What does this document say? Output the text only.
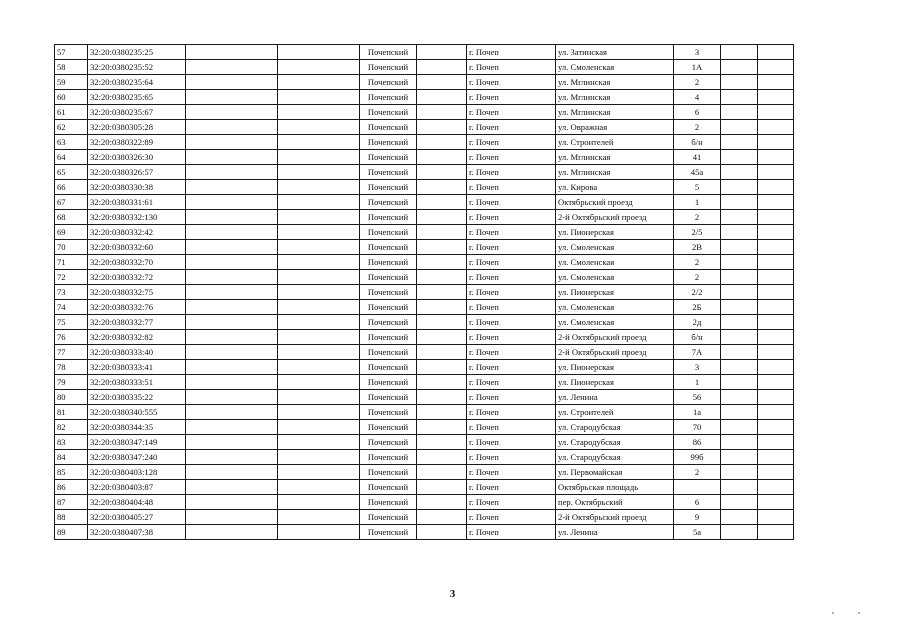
57	32:20:0380235:25			Почепский		г. Почеп	ул. Затинская	3		
58	32:20:0380235:52			Почепский		г. Почеп	ул. Смоленская	1А		
59	32:20:0380235:64			Почепский		г. Почеп	ул. Мглинская	2		
60	32:20:0380235:65			Почепский		г. Почеп	ул. Мглинская	4		
61	32:20:0380235:67			Почепский		г. Почеп	ул. Мглинская	6		
62	32:20:0380305:28			Почепский		г. Почеп	ул. Овражная	2		
63	32:20:0380322:89			Почепский		г. Почеп	ул. Строителей	б/н		
64	32:20:0380326:30			Почепский		г. Почеп	ул. Мглинская	41		
65	32:20:0380326:57			Почепский		г. Почеп	ул. Мглинская	45а		
66	32:20:0380330:38			Почепский		г. Почеп	ул. Кирова	5		
67	32:20:0380331:61			Почепский		г. Почеп	Октябрьский проезд	1		
68	32:20:0380332:130			Почепский		г. Почеп	2-й Октябрьский проезд	2		
69	32:20:0380332:42			Почепский		г. Почеп	ул. Пионерская	2/5		
70	32:20:0380332:60			Почепский		г. Почеп	ул. Смоленская	2В		
71	32:20:0380332:70			Почепский		г. Почеп	ул. Смоленская	2		
72	32:20:0380332:72			Почепский		г. Почеп	ул. Смоленская	2		
73	32:20:0380332:75			Почепский		г. Почеп	ул. Пионерская	2/2		
74	32:20:0380332:76			Почепский		г. Почеп	ул. Смоленская	2Б		
75	32:20:0380332:77			Почепский		г. Почеп	ул. Смоленская	2д		
76	32:20:0380332:82			Почепский		г. Почеп	2-й Октябрьский проезд	б/н		
77	32:20:0380333:40			Почепский		г. Почеп	2-й Октябрьский проезд	7А		
78	32:20:0380333:41			Почепский		г. Почеп	ул. Пионерская	3		
79	32:20:0380333:51			Почепский		г. Почеп	ул. Пионерская	1		
80	32:20:0380335:22			Почепский		г. Почеп	ул. Ленина	56		
81	32:20:0380340:555			Почепский		г. Почеп	ул. Строителей	1а		
82	32:20:0380344:35			Почепский		г. Почеп	ул. Стародубская	70		
83	32:20:0380347:149			Почепский		г. Почеп	ул. Стародубская	86		
84	32:20:0380347:240			Почепский		г. Почеп	ул. Стародубская	99б		
85	32:20:0380403:128			Почепский		г. Почеп	ул. Первомайская	2		
86	32:20:0380403:87			Почепский		г. Почеп	Октябрьская площадь			
87	32:20:0380404:48			Почепский		г. Почеп	пер. Октябрьский	6		
88	32:20:0380405:27			Почепский		г. Почеп	2-й Октябрьский проезд	9		
89	32:20:0380407:38			Почепский		г. Почеп	ул. Ленина	5а		
3
